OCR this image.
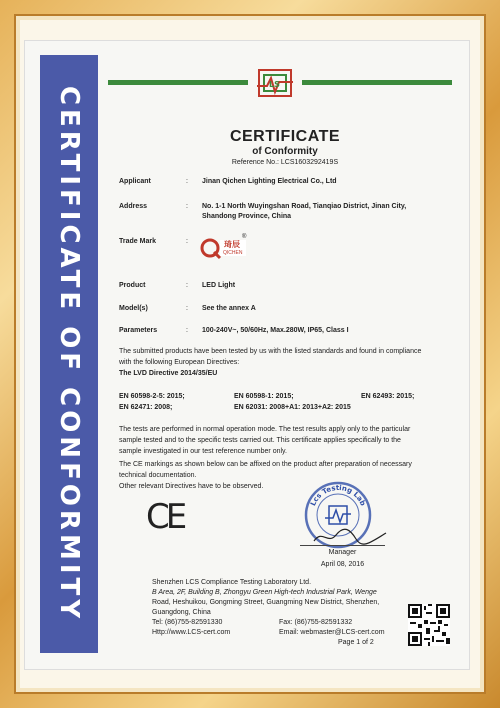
CERTIFICATE OF CONFORMITY
LS
CERTIFICATE
of Conformity
Reference No.: LCS1603292419S
Applicant	: Jinan Qichen Lighting Electrical Co., Ltd
Address	: No. 1-1 North Wuyingshan Road, Tianqiao District, Jinan City,
Shandong Province, China
Trade Mark	:	琦辰
QICHEN
®
Product	: LED Light
Model(s)	: See the annex A
Parameters	: 100-240V~, 50/60Hz, Max.280W, IP65, Class I
The submitted products have been tested by us with the listed standards and found in compliance
with the following European Directives:
The LVD Directive 2014/35/EU
EN 60598-2-5: 2015;	EN 60598-1: 2015;	EN 62493: 2015;
EN 62471: 2008;	EN 62031: 2008+A1: 2013+A2: 2015
The tests are performed in normal operation mode. The test results apply only to the particular
sample tested and to the specific tests carried out. This certificate applies specifically to the
sample investigated in our test reference number only.
The CE markings as shown below can be affixed on the product after preparation of necessary
technical documentation.
Other relevant Directives have to be observed.
CE	Lcs Testing Lab
Manager
April 08, 2016
Shenzhen LCS Compliance Testing Laboratory Ltd.
B Area, 2F, Building B, Zhongyu Green High-tech Industrial Park, Wenge
Road, Heshuikou, Gongming Street, Guangming New District, Shenzhen,
Guangdong, China
Tel: (86)755-82591330	Fax: (86)755-82591332
Http://www.LCS-cert.com	Email: webmaster@LCS-cert.com
Page 1 of 2
